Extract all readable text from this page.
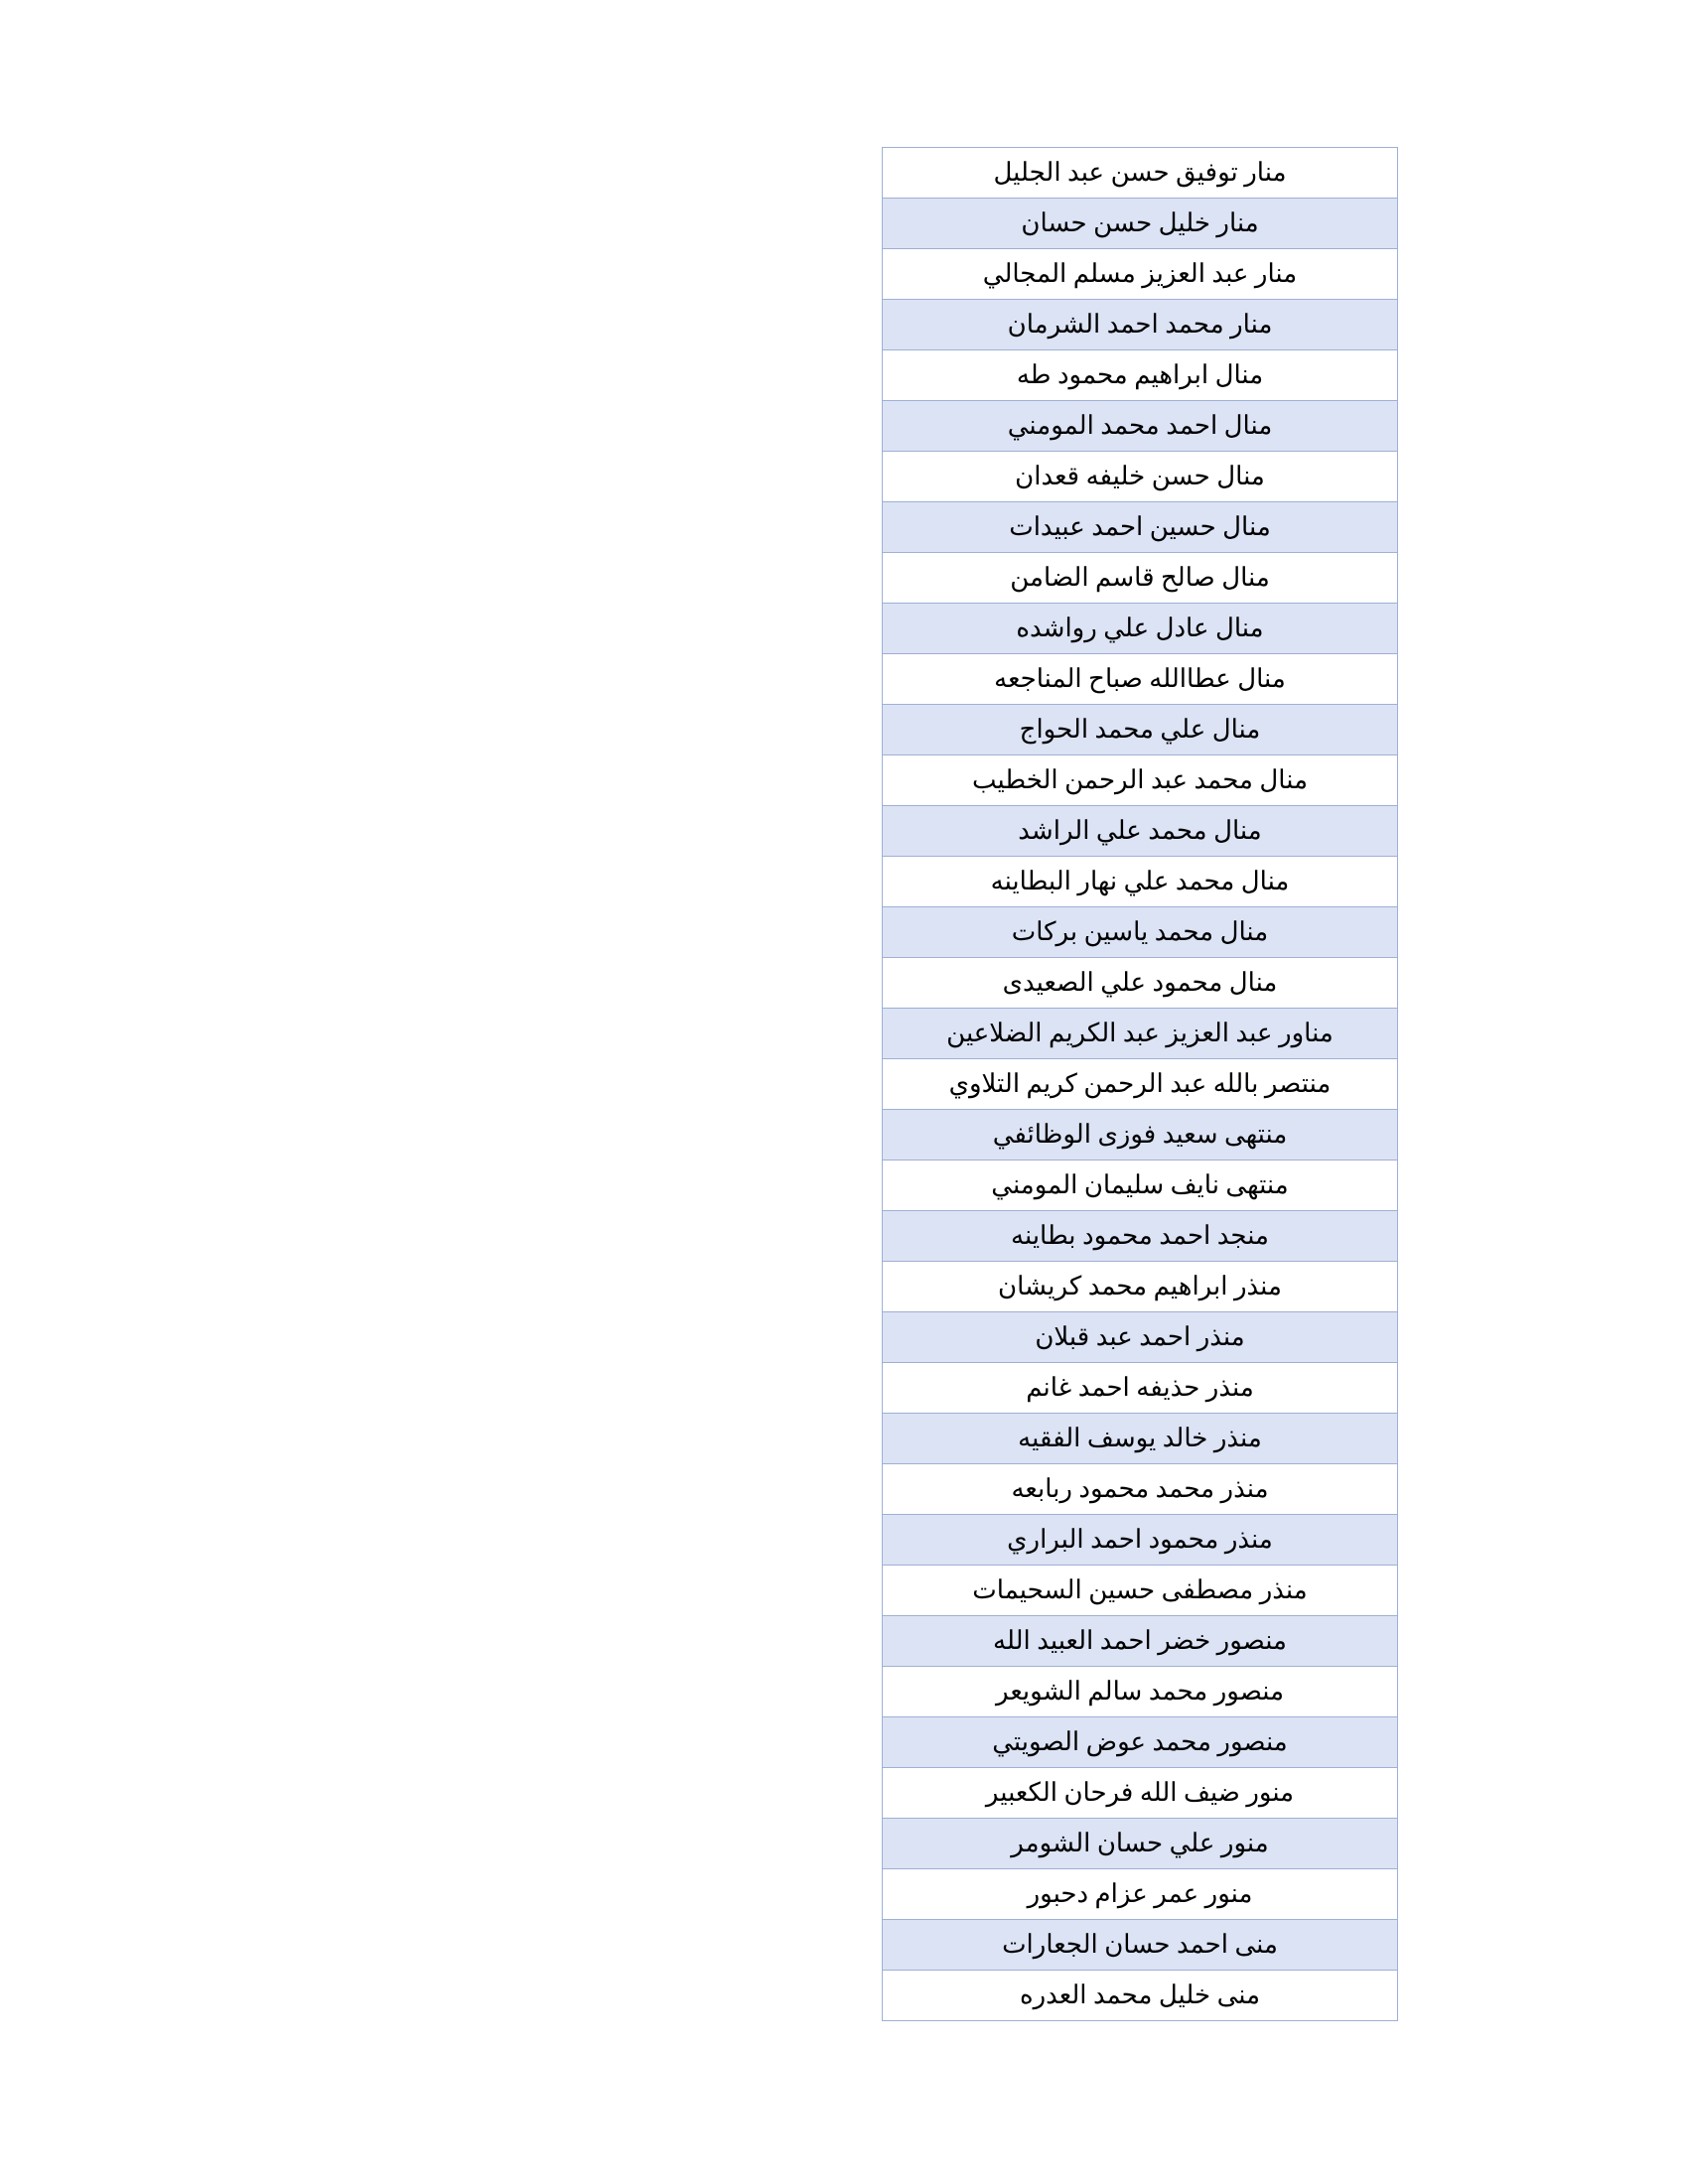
منار توفيق حسن عبد الجليل
منار خليل حسن حسان
منار عبد العزيز مسلم المجالي
منار محمد احمد الشرمان
منال ابراهيم محمود طه
منال احمد محمد المومني
منال حسن خليفه قعدان
منال حسين احمد عبيدات
منال صالح قاسم الضامن
منال عادل علي رواشده
منال عطاالله صباح المناجعه
منال علي محمد الحواج
منال محمد عبد الرحمن الخطيب
منال محمد علي الراشد
منال محمد علي نهار البطاينه
منال محمد ياسين بركات
منال محمود علي الصعيدى
مناور عبد العزيز عبد الكريم الضلاعين
منتصر بالله عبد الرحمن كريم التلاوي
منتهى سعيد فوزى الوظائفي
منتهى نايف سليمان المومني
منجد احمد محمود بطاينه
منذر ابراهيم محمد كريشان
منذر احمد عبد قبلان
منذر حذيفه احمد غانم
منذر خالد يوسف الفقيه
منذر محمد محمود ربابعه
منذر محمود احمد البراري
منذر مصطفى حسين السحيمات
منصور خضر احمد العبيد الله
منصور محمد سالم الشويعر
منصور محمد عوض الصويتي
منور ضيف الله فرحان الكعبير
منور علي حسان الشومر
منور عمر عزام دحبور
منى احمد حسان الجعارات
منى خليل محمد العدره
